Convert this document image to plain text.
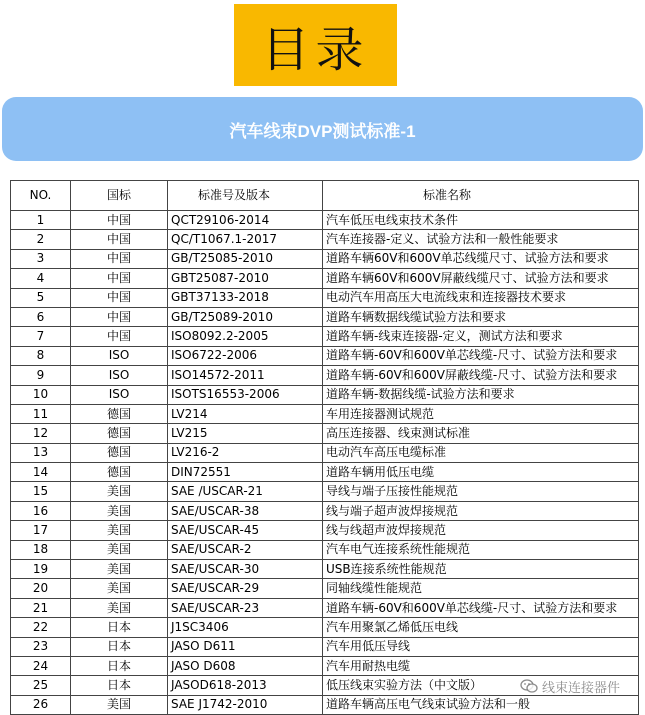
目录
汽车线束DVP测试标准-1
NO.	国标	标准号及版本	标准名称
1	中国	QCT29106-2014	汽车低压电线束技术条件
2	中国	QC/T1067.1-2017	汽车连接器-定义、试验方法和一般性能要求
3	中国	GB/T25085-2010	道路车辆60V和600V单芯线缆尺寸、试验方法和要求
4	中国	GBT25087-2010	道路车辆60V和600V屏蔽线缆尺寸、试验方法和要求
5	中国	GBT37133-2018	电动汽车用高压大电流线束和连接器技术要求
6	中国	GB/T25089-2010	道路车辆数据线缆试验方法和要求
7	中国	ISO8092.2-2005	道路车辆-线束连接器-定义，测试方法和要求
8	ISO	ISO6722-2006	道路车辆-60V和600V单芯线缆-尺寸、试验方法和要求
9	ISO	ISO14572-2011	道路车辆-60V和600V屏蔽线缆-尺寸、试验方法和要求
10	ISO	ISOTS16553-2006	道路车辆-数据线缆-试验方法和要求
11	德国	LV214	车用连接器测试规范
12	德国	LV215	高压连接器、线束测试标准
13	德国	LV216-2	电动汽车高压电缆标准
14	德国	DIN72551	道路车辆用低压电缆
15	美国	SAE /USCAR-21	导线与端子压接性能规范
16	美国	SAE/USCAR-38	线与端子超声波焊接规范
17	美国	SAE/USCAR-45	线与线超声波焊接规范
18	美国	SAE/USCAR-2	汽车电气连接系统性能规范
19	美国	SAE/USCAR-30	USB连接系统性能规范
20	美国	SAE/USCAR-29	同轴线缆性能规范
21	美国	SAE/USCAR-23	道路车辆-60V和600V单芯线缆-尺寸、试验方法和要求
22	日本	J1SC3406	汽车用聚氯乙烯低压电线
23	日本	JASO D611	汽车用低压导线
24	日本	JASO D608	汽车用耐热电缆
25	日本	JASOD618-2013	低压线束实验方法（中文版）
26	美国	SAE J1742-2010	道路车辆高压电气线束试验方法和一般
线束连接器件
